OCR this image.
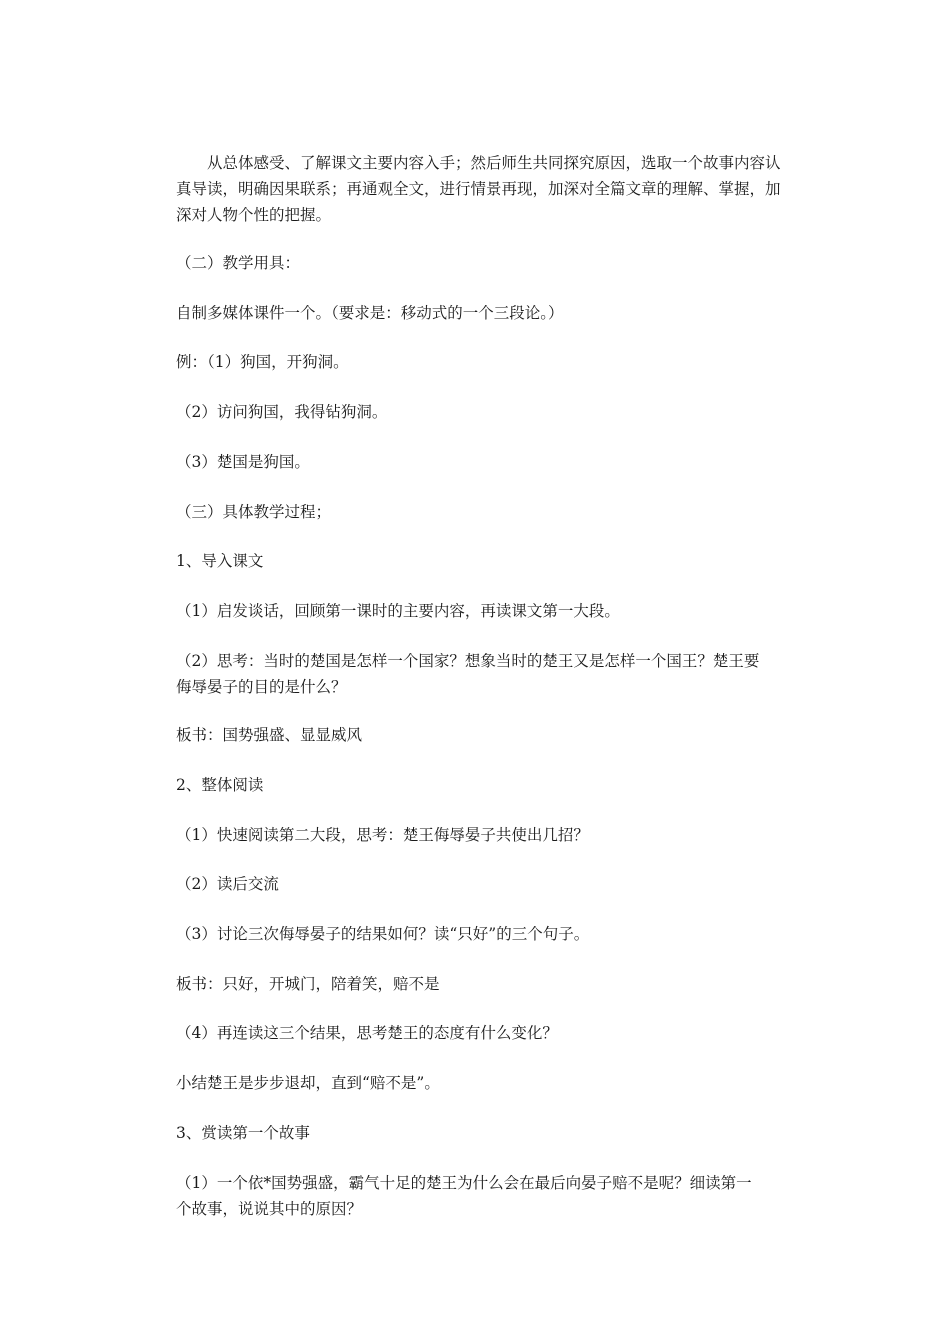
　　从总体感受、了解课文主要内容入手；然后师生共同探究原因，选取一个故事内容认
真导读，明确因果联系；再通观全文，进行情景再现，加深对全篇文章的理解、掌握，加
深对人物个性的把握。

（二）教学用具：

自制多媒体课件一个。（要求是：移动式的一个三段论。）

例：（1）狗国，开狗洞。

（2）访问狗国，我得钻狗洞。

（3）楚国是狗国。

（三）具体教学过程；

1、导入课文

（1）启发谈话，回顾第一课时的主要内容，再读课文第一大段。

（2）思考：当时的楚国是怎样一个国家？想象当时的楚王又是怎样一个国王？楚王要
侮辱晏子的目的是什么？

板书：国势强盛、显显威风

2、整体阅读

（1）快速阅读第二大段，思考：楚王侮辱晏子共使出几招？

（2）读后交流

（3）讨论三次侮辱晏子的结果如何？读“只好”的三个句子。

板书：只好，开城门，陪着笑，赔不是

（4）再连读这三个结果，思考楚王的态度有什么变化？

小结楚王是步步退却，直到“赔不是”。

3、赏读第一个故事

（1）一个依*国势强盛，霸气十足的楚王为什么会在最后向晏子赔不是呢？细读第一
个故事，说说其中的原因？
